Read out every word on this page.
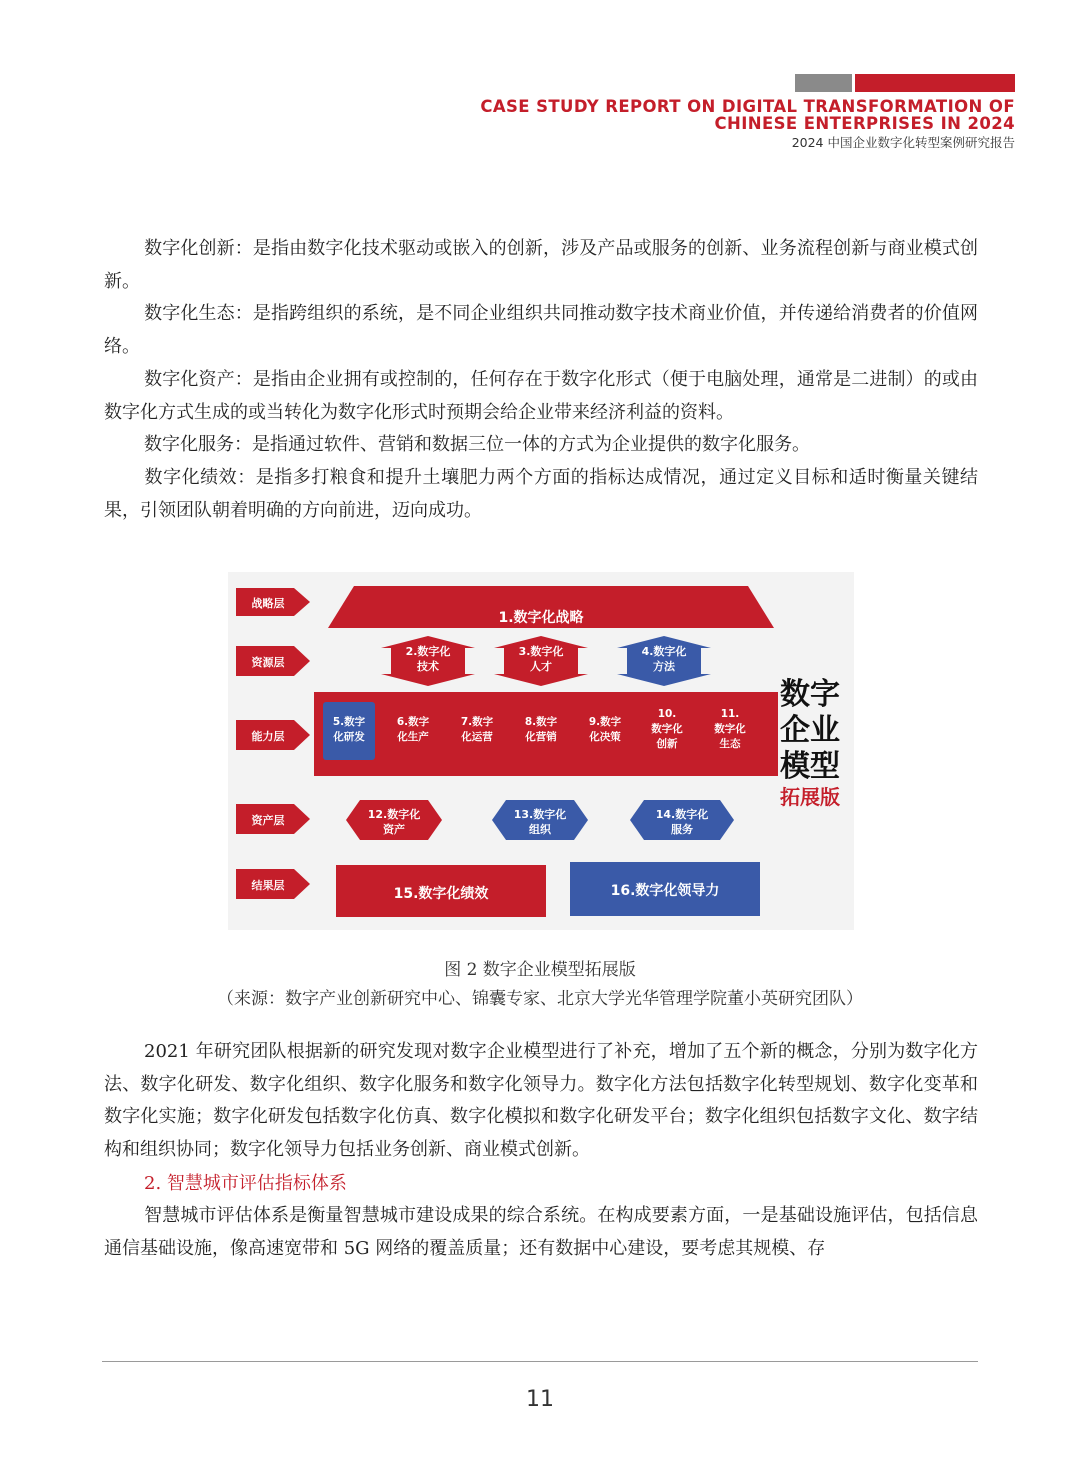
CASE STUDY REPORT ON DIGITAL TRANSFORMATION OF
CHINESE ENTERPRISES IN 2024
2024 中国企业数字化转型案例研究报告

数字化创新：是指由数字化技术驱动或嵌入的创新，涉及产品或服务的创新、业务流程创新与商业模式创新。

数字化生态：是指跨组织的系统，是不同企业组织共同推动数字技术商业价值，并传递给消费者的价值网络。

数字化资产：是指由企业拥有或控制的，任何存在于数字化形式（便于电脑处理，通常是二进制）的或由数字化方式生成的或当转化为数字化形式时预期会给企业带来经济利益的资料。

数字化服务：是指通过软件、营销和数据三位一体的方式为企业提供的数字化服务。

数字化绩效：是指多打粮食和提升土壤肥力两个方面的指标达成情况，通过定义目标和适时衡量关键结果，引领团队朝着明确的方向前进，迈向成功。

战略层
资源层
能力层
资产层
结果层
1.数字化战略
2.数字化
技术
3.数字化
人才
4.数字化
方法
5.数字
化研发
6.数字
化生产
7.数字
化运营
8.数字
化营销
9.数字
化决策
10.
数字化
创新
11.
数字化
生态
12.数字化
资产
13.数字化
组织
14.数字化
服务
15.数字化绩效	16.数字化领导力
数字
企业
模型
拓展版
图 2 数字企业模型拓展版
（来源：数字产业创新研究中心、锦囊专家、北京大学光华管理学院董小英研究团队）

2021 年研究团队根据新的研究发现对数字企业模型进行了补充，增加了五个新的概念，分别为数字化方法、数字化研发、数字化组织、数字化服务和数字化领导力。数字化方法包括数字化转型规划、数字化变革和数字化实施；数字化研发包括数字化仿真、数字化模拟和数字化研发平台；数字化组织包括数字文化、数字结构和组织协同；数字化领导力包括业务创新、商业模式创新。

2. 智慧城市评估指标体系

智慧城市评估体系是衡量智慧城市建设成果的综合系统。在构成要素方面，一是基础设施评估，包括信息通信基础设施，像高速宽带和 5G 网络的覆盖质量；还有数据中心建设，要考虑其规模、存

11
